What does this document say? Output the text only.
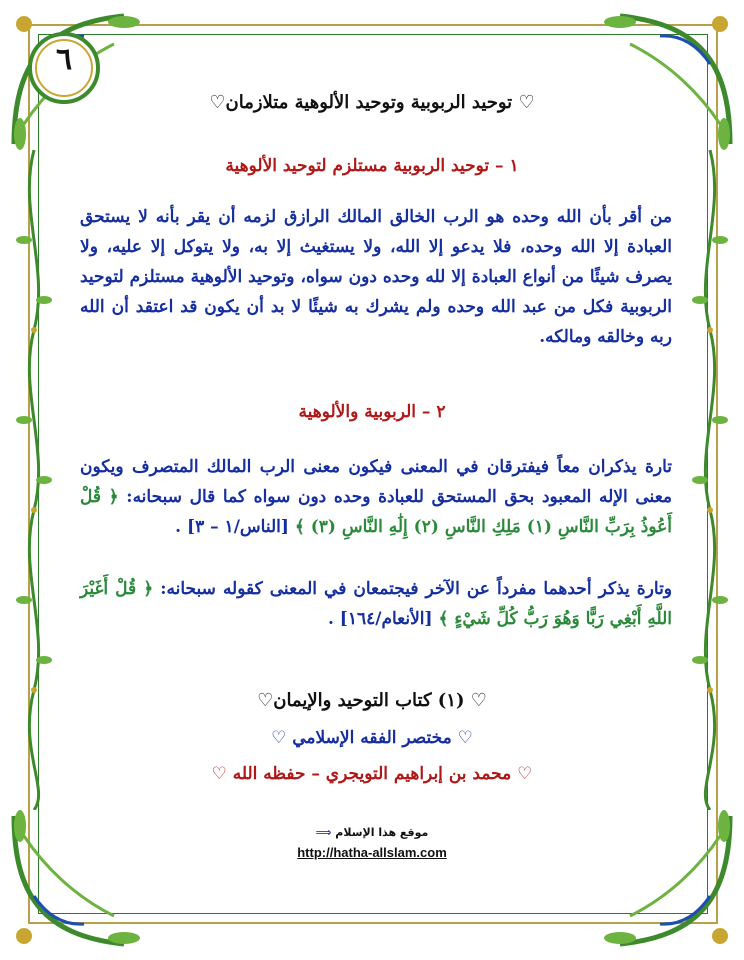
٦
♡ توحيد الربوبية وتوحيد الألوهية متلازمان♡
١ – توحيد الربوبية مستلزم لتوحيد الألوهية
من أقر بأن الله وحده هو الرب الخالق المالك الرازق لزمه أن يقر بأنه لا يستحق العبادة إلا الله وحده، فلا يدعو إلا الله، ولا يستغيث إلا به، ولا يتوكل إلا عليه، ولا يصرف شيئًا من أنواع العبادة إلا لله وحده دون سواه، وتوحيد الألوهية مستلزم لتوحيد الربوبية فكل من عبد الله وحده ولم يشرك به شيئًا لا بد أن يكون قد اعتقد أن الله ربه وخالقه ومالكه.
٢ – الربوبية والألوهية
تارة يذكران معاً فيفترقان في المعنى فيكون معنى الرب المالك المتصرف ويكون معنى الإله المعبود بحق المستحق للعبادة وحده دون سواه كما قال سبحانه: ﴿ قُلْ أَعُوذُ بِرَبِّ النَّاسِ (١) مَلِكِ النَّاسِ (٢) إِلَٰهِ النَّاسِ (٣) ﴾ [الناس/١ – ٣] .
وتارة يذكر أحدهما مفرداً عن الآخر فيجتمعان في المعنى كقوله سبحانه: ﴿ قُلْ أَغَيْرَ اللَّهِ أَبْغِي رَبًّا وَهُوَ رَبُّ كُلِّ شَيْءٍ ﴾ [الأنعام/١٦٤] .
♡ (١) كتاب التوحيد والإيمان♡
♡ مختصر الفقه الإسلامي ♡
♡ محمد بن إبراهيم التويجري – حفظه الله ♡
موقع هذا الإسلام ⟹
http://hatha-allslam.com
